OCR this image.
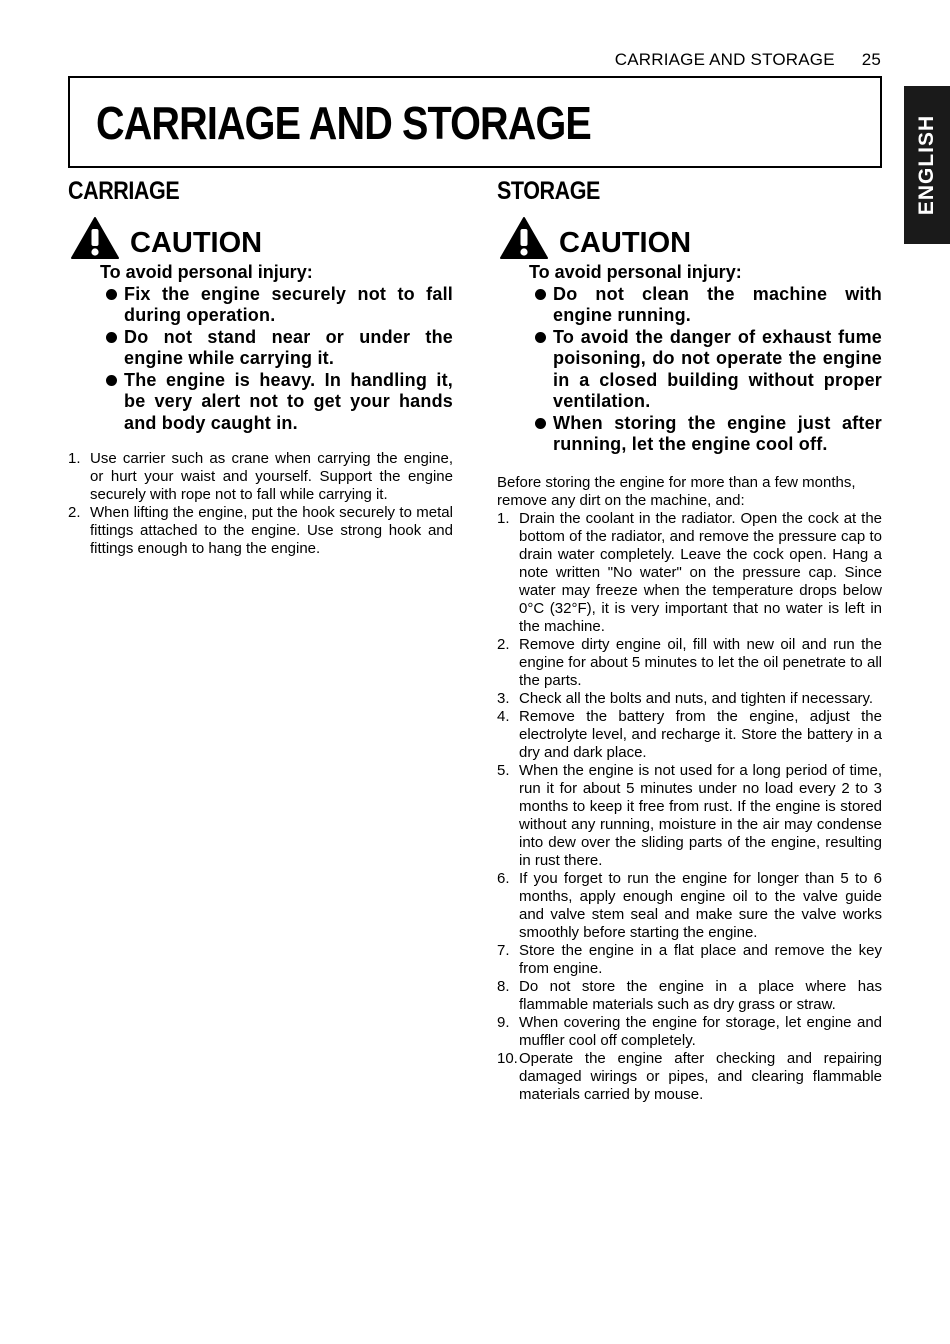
CARRIAGE AND STORAGE 25
ENGLISH
CARRIAGE AND STORAGE
CARRIAGE
CAUTION
To avoid personal injury:
Fix the engine securely not to fall during operation.
Do not stand near or under the engine while carrying it.
The engine is heavy. In handling it, be very alert not to get your hands and body caught in.
1. Use carrier such as crane when carrying the engine, or hurt your waist and yourself. Support the engine securely with rope not to fall while carrying it.
2. When lifting the engine, put the hook securely to metal fittings attached to the engine. Use strong hook and fittings enough to hang the engine.
STORAGE
CAUTION
To avoid personal injury:
Do not clean the machine with engine running.
To avoid the danger of exhaust fume poisoning, do not operate the engine in a closed building without proper ventilation.
When storing the engine just after running, let the engine cool off.
Before storing the engine for more than a few months, remove any dirt on the machine, and:
1. Drain the coolant in the radiator. Open the cock at the bottom of the radiator, and remove the pressure cap to drain water completely. Leave the cock open. Hang a note written "No water" on the pressure cap. Since water may freeze when the temperature drops below 0°C (32°F), it is very important that no water is left in the machine.
2. Remove dirty engine oil, fill with new oil and run the engine for about 5 minutes to let the oil penetrate to all the parts.
3. Check all the bolts and nuts, and tighten if necessary.
4. Remove the battery from the engine, adjust the electrolyte level, and recharge it. Store the battery in a dry and dark place.
5. When the engine is not used for a long period of time, run it for about 5 minutes under no load every 2 to 3 months to keep it free from rust. If the engine is stored without any running, moisture in the air may condense into dew over the sliding parts of the engine, resulting in rust there.
6. If you forget to run the engine for longer than 5 to 6 months, apply enough engine oil to the valve guide and valve stem seal and make sure the valve works smoothly before starting the engine.
7. Store the engine in a flat place and remove the key from engine.
8. Do not store the engine in a place where has flammable materials such as dry grass or straw.
9. When covering the engine for storage, let engine and muffler cool off completely.
10. Operate the engine after checking and repairing damaged wirings or pipes, and clearing flammable materials carried by mouse.
